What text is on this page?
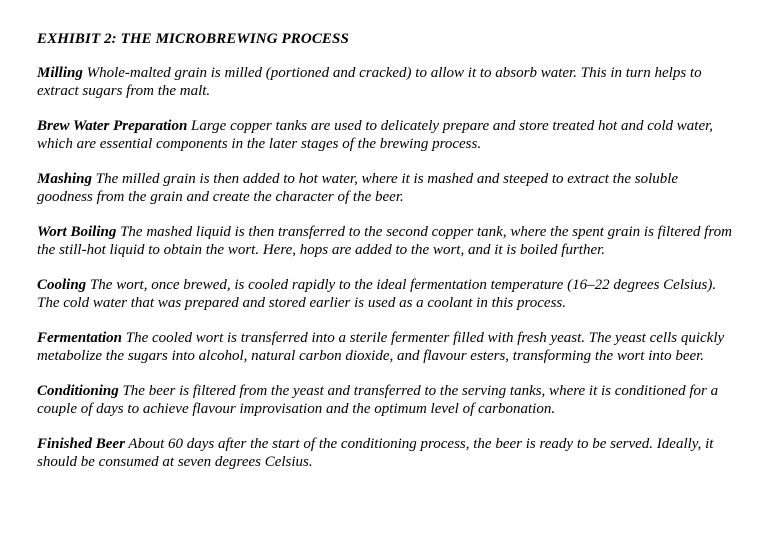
EXHIBIT 2: THE MICROBREWING PROCESS

Milling Whole-malted grain is milled (portioned and cracked) to allow it to absorb water. This in turn helps to extract sugars from the malt.

Brew Water Preparation Large copper tanks are used to delicately prepare and store treated hot and cold water, which are essential components in the later stages of the brewing process.

Mashing The milled grain is then added to hot water, where it is mashed and steeped to extract the soluble goodness from the grain and create the character of the beer.

Wort Boiling The mashed liquid is then transferred to the second copper tank, where the spent grain is filtered from the still-hot liquid to obtain the wort. Here, hops are added to the wort, and it is boiled further.

Cooling The wort, once brewed, is cooled rapidly to the ideal fermentation temperature (16–22 degrees Celsius). The cold water that was prepared and stored earlier is used as a coolant in this process.

Fermentation The cooled wort is transferred into a sterile fermenter filled with fresh yeast. The yeast cells quickly metabolize the sugars into alcohol, natural carbon dioxide, and flavour esters, transforming the wort into beer.

Conditioning The beer is filtered from the yeast and transferred to the serving tanks, where it is conditioned for a couple of days to achieve flavour improvisation and the optimum level of carbonation.

Finished Beer About 60 days after the start of the conditioning process, the beer is ready to be served. Ideally, it should be consumed at seven degrees Celsius.
